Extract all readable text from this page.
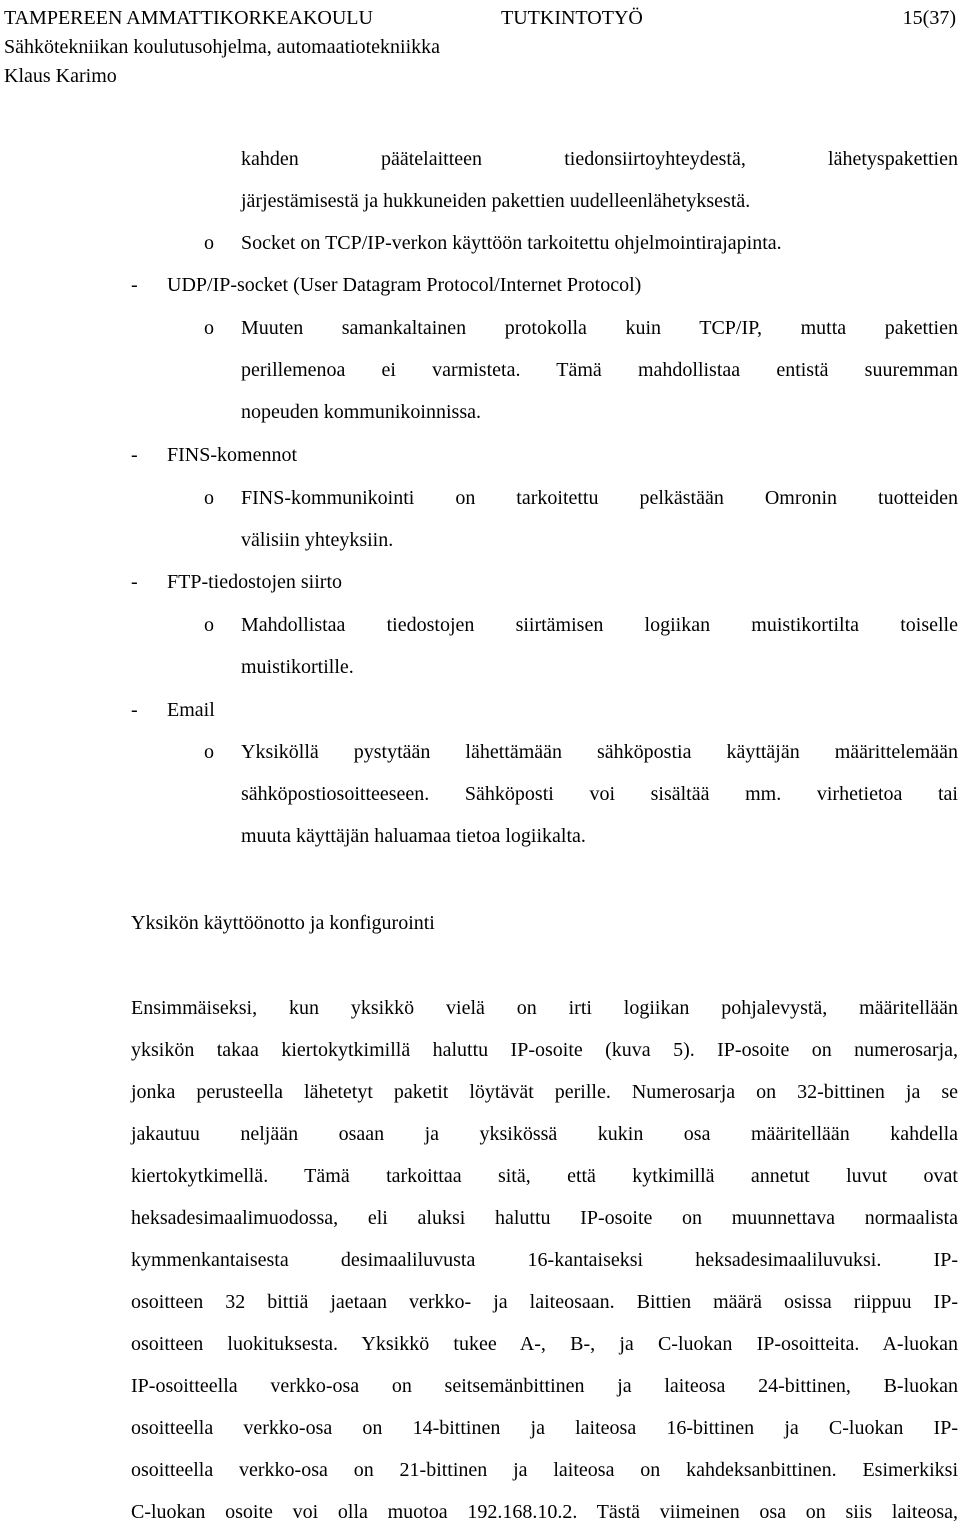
TAMPEREEN AMMATTIKORKEAKOULU	TUTKINTOTYÖ	15(37)
Sähkötekniikan koulutusohjelma, automaatiotekniikka
Klaus Karimo
kahden päätelaitteen tiedonsiirtoyhteydestä, lähetyspakettien
järjestämisestä ja hukkuneiden pakettien uudelleenlähetyksestä.
o	Socket on TCP/IP-verkon käyttöön tarkoitettu ohjelmointirajapinta.
-	UDP/IP-socket (User Datagram Protocol/Internet Protocol)
o	Muuten samankaltainen protokolla kuin TCP/IP, mutta pakettien
perillemenoa ei varmisteta. Tämä mahdollistaa entistä suuremman
nopeuden kommunikoinnissa.
-	FINS-komennot
o	FINS-kommunikointi on tarkoitettu pelkästään Omronin tuotteiden
välisiin yhteyksiin.
-	FTP-tiedostojen siirto
o	Mahdollistaa tiedostojen siirtämisen logiikan muistikortilta toiselle
muistikortille.
-	Email
o	Yksiköllä pystytään lähettämään sähköpostia käyttäjän määrittelemään
sähköpostiosoitteeseen. Sähköposti voi sisältää mm. virhetietoa tai
muuta käyttäjän haluamaa tietoa logiikalta.
Yksikön käyttöönotto ja konfigurointi
Ensimmäiseksi, kun yksikkö vielä on irti logiikan pohjalevystä, määritellään
yksikön takaa kiertokytkimillä haluttu IP-osoite (kuva 5). IP-osoite on numerosarja,
jonka perusteella lähetetyt paketit löytävät perille. Numerosarja on 32-bittinen ja se
jakautuu neljään osaan ja yksikössä kukin osa määritellään kahdella
kiertokytkimellä. Tämä tarkoittaa sitä, että kytkimillä annetut luvut ovat
heksadesimaalimuodossa, eli aluksi haluttu IP-osoite on muunnettava normaalista
kymmenkantaisesta desimaaliluvusta 16-kantaiseksi heksadesimaaliluvuksi. IP-
osoitteen 32 bittiä jaetaan verkko- ja laiteosaan. Bittien määrä osissa riippuu IP-
osoitteen luokituksesta. Yksikkö tukee A-, B-, ja C-luokan IP-osoitteita. A-luokan
IP-osoitteella verkko-osa on seitsemänbittinen ja laiteosa 24-bittinen, B-luokan
osoitteella verkko-osa on 14-bittinen ja laiteosa 16-bittinen ja C-luokan IP-
osoitteella verkko-osa on 21-bittinen ja laiteosa on kahdeksanbittinen. Esimerkiksi
C-luokan osoite voi olla muotoa 192.168.10.2. Tästä viimeinen osa on siis laiteosa,
